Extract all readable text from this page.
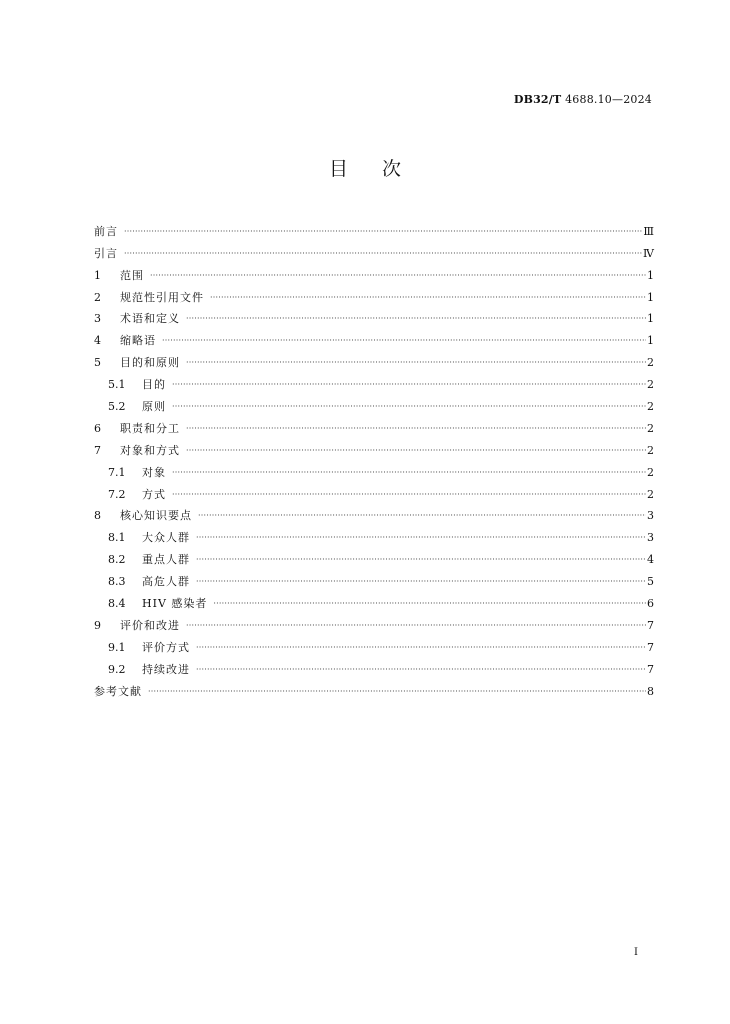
DB32/T 4688.10—2024
目次
前言 ·····	Ⅲ
引言 ·····	Ⅳ
1	范围 ·····	1
2	规范性引用文件 ·····	1
3	术语和定义 ·····	1
4	缩略语 ·····	1
5	目的和原则 ·····	2
5.1	目的 ·····	2
5.2	原则 ·····	2
6	职责和分工 ·····	2
7	对象和方式 ·····	2
7.1	对象 ·····	2
7.2	方式 ·····	2
8	核心知识要点 ·····	3
8.1	大众人群 ·····	3
8.2	重点人群 ·····	4
8.3	高危人群 ·····	5
8.4	HIV 感染者 ·····	6
9	评价和改进 ·····	7
9.1	评价方式 ·····	7
9.2	持续改进 ·····	7
参考文献 ·····	8
I
